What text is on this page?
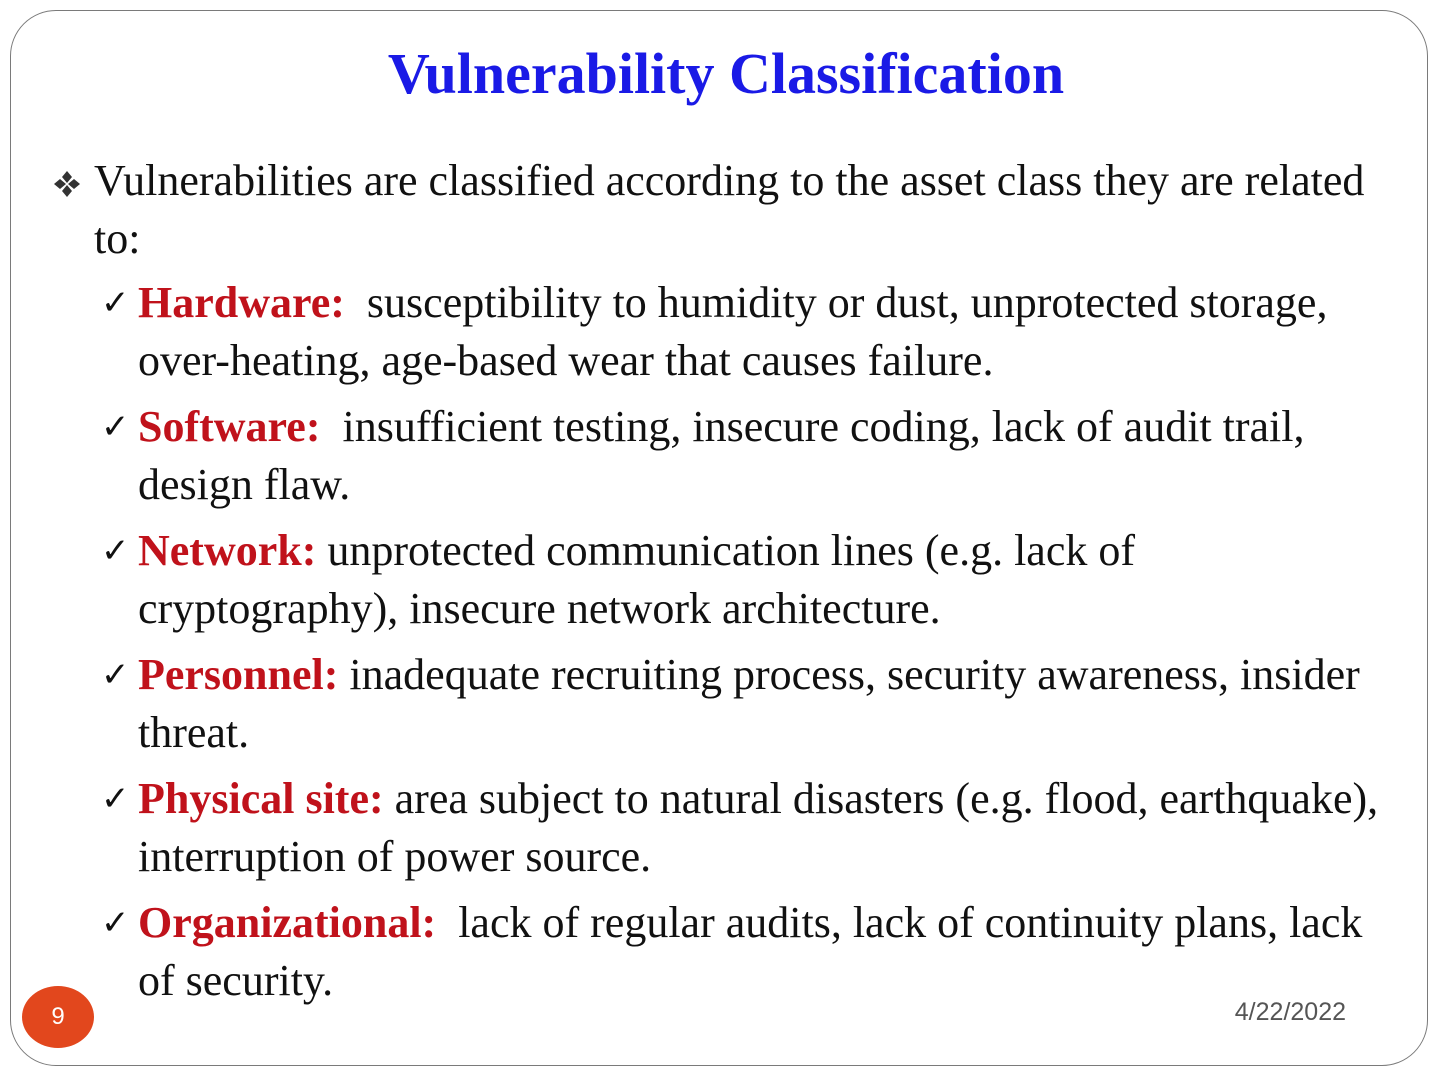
Vulnerability Classification

Vulnerabilities are classified according to the asset class they are related to:

✓ Hardware: susceptibility to humidity or dust, unprotected storage, over-heating, age-based wear that causes failure.
✓ Software: insufficient testing, insecure coding, lack of audit trail, design flaw.
✓ Network: unprotected communication lines (e.g. lack of cryptography), insecure network architecture.
✓ Personnel: inadequate recruiting process, security awareness, insider threat.
✓ Physical site: area subject to natural disasters (e.g. flood, earthquake), interruption of power source.
✓ Organizational: lack of regular audits, lack of continuity plans, lack of security.
9	4/22/2022
